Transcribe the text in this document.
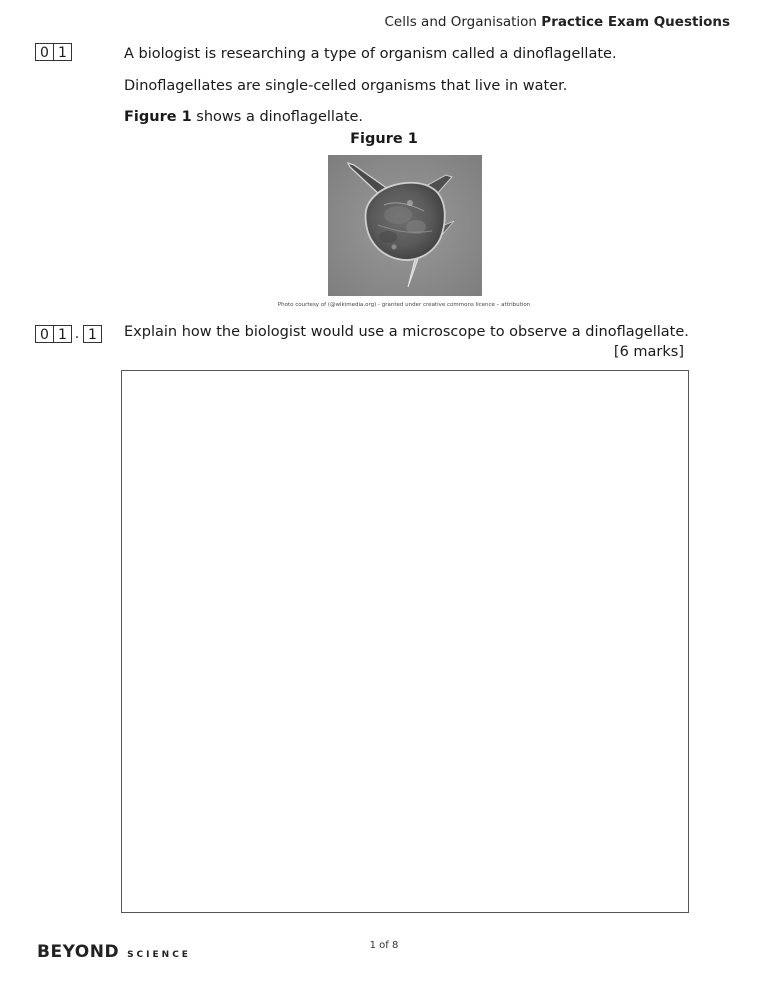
Cells and Organisation Practice Exam Questions
0 1	A biologist is researching a type of organism called a dinoflagellate.
Dinoflagellates are single-celled organisms that live in water.
Figure 1 shows a dinoflagellate.
Figure 1
Photo courtesy of (@wikimedia.org) - granted under creative commons licence – attribution
0 1 . 1	Explain how the biologist would use a microscope to observe a dinoflagellate.
[6 marks]
BEYOND SCIENCE
1 of 8
